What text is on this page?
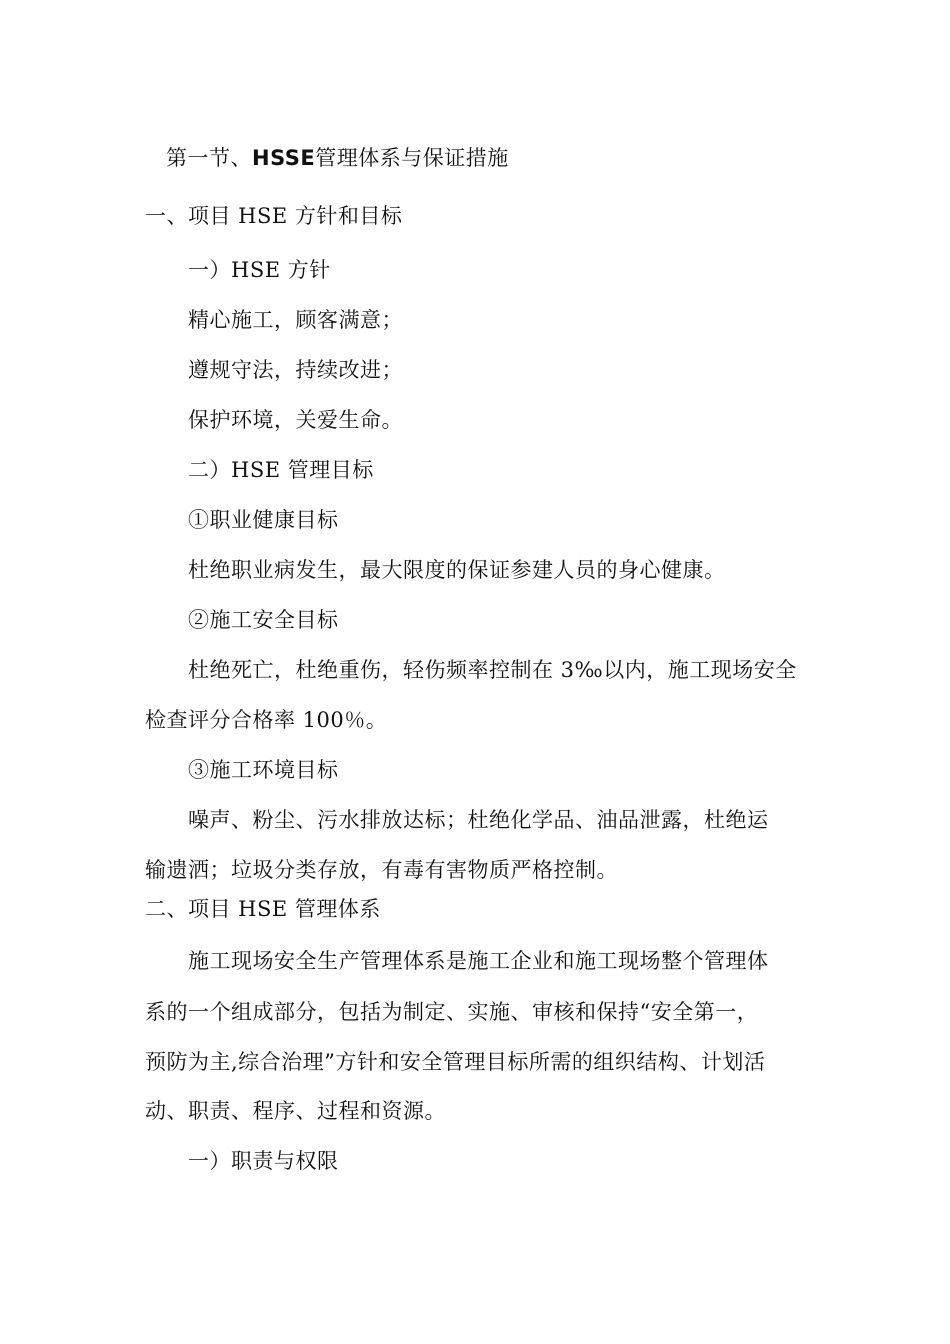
第一节、HSSE管理体系与保证措施
一、项目 HSE 方针和目标
一）HSE 方针
精心施工，顾客满意；
遵规守法，持续改进；
保护环境，关爱生命。
二）HSE 管理目标
①职业健康目标
杜绝职业病发生，最大限度的保证参建人员的身心健康。
②施工安全目标
杜绝死亡，杜绝重伤，轻伤频率控制在 3‰以内，施工现场安全
检查评分合格率 100％。
③施工环境目标
噪声、粉尘、污水排放达标；杜绝化学品、油品泄露，杜绝运
输遗洒；垃圾分类存放，有毒有害物质严格控制。
二、项目 HSE 管理体系
施工现场安全生产管理体系是施工企业和施工现场整个管理体
系的一个组成部分，包括为制定、实施、审核和保持“安全第一，
预防为主,综合治理”方针和安全管理目标所需的组织结构、计划活
动、职责、程序、过程和资源。
一）职责与权限
